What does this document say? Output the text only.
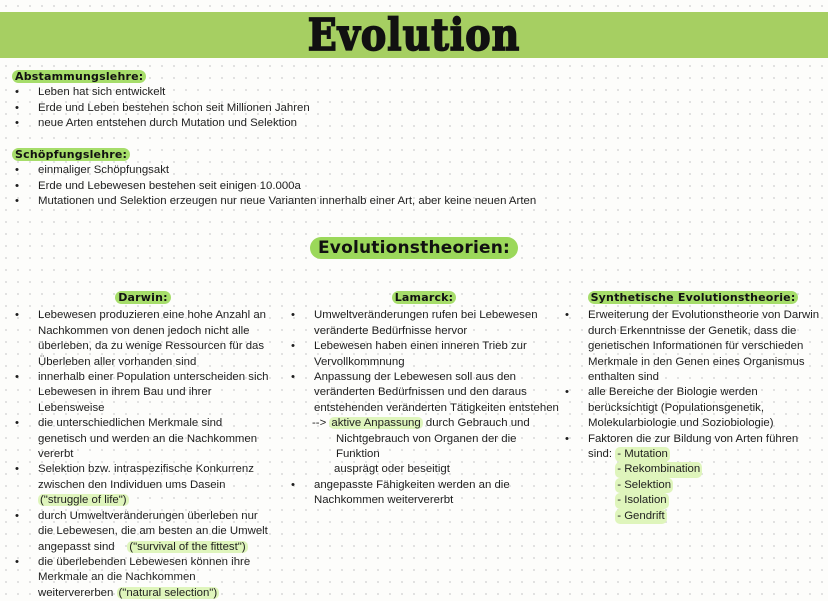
Evolution
Abstammungslehre:
• Leben hat sich entwickelt
• Erde und Leben bestehen schon seit Millionen Jahren
• neue Arten entstehen durch Mutation und Selektion
Schöpfungslehre:
• einmaliger Schöpfungsakt
• Erde und Lebewesen bestehen seit einigen 10.000a
• Mutationen und Selektion erzeugen nur neue Varianten innerhalb einer Art, aber keine neuen Arten
Evolutionstheorien:
Darwin:
• Lebewesen produzieren eine hohe Anzahl an Nachkommen von denen jedoch nicht alle überleben, da zu wenige Ressourcen für das Überleben aller vorhanden sind
• innerhalb einer Population unterscheiden sich Lebewesen in ihrem Bau und ihrer Lebensweise
• die unterschiedlichen Merkmale sind genetisch und werden an die Nachkommen vererbt
• Selektion bzw. intraspezifische Konkurrenz zwischen den Individuen ums Dasein ("struggle of life")
• durch Umweltveränderungen überleben nur die Lebewesen, die am besten an die Umwelt angepasst sind    ("survival of the fittest")
• die überlebenden Lebewesen können ihre Merkmale an die Nachkommen weitervererben ("natural selection")
Lamarck:
• Umweltveränderungen rufen bei Lebewesen veränderte Bedürfnisse hervor
• Lebewesen haben einen inneren Trieb zur Vervollkommnung
• Anpassung der Lebewesen soll aus den veränderten Bedürfnissen und den daraus entstehenden veränderten Tätigkeiten entstehen
--> aktive Anpassung durch Gebrauch und
Nichtgebrauch von Organen der die Funktion
ausprägt oder beseitigt
• angepasste Fähigkeiten werden an die Nachkommen weitervererbt
Synthetische Evolutionstheorie:
• Erweiterung der Evolutionstheorie von Darwin durch Erkenntnisse der Genetik, dass die genetischen Informationen für verschieden Merkmale in den Genen eines Organismus enthalten sind
• alle Bereiche der Biologie werden berücksichtigt (Populationsgenetik, Molekularbiologie und Soziobiologie)
• Faktoren die zur Bildung von Arten führen
sind: - Mutation
- Rekombination
- Selektion
- Isolation
- Gendrift
